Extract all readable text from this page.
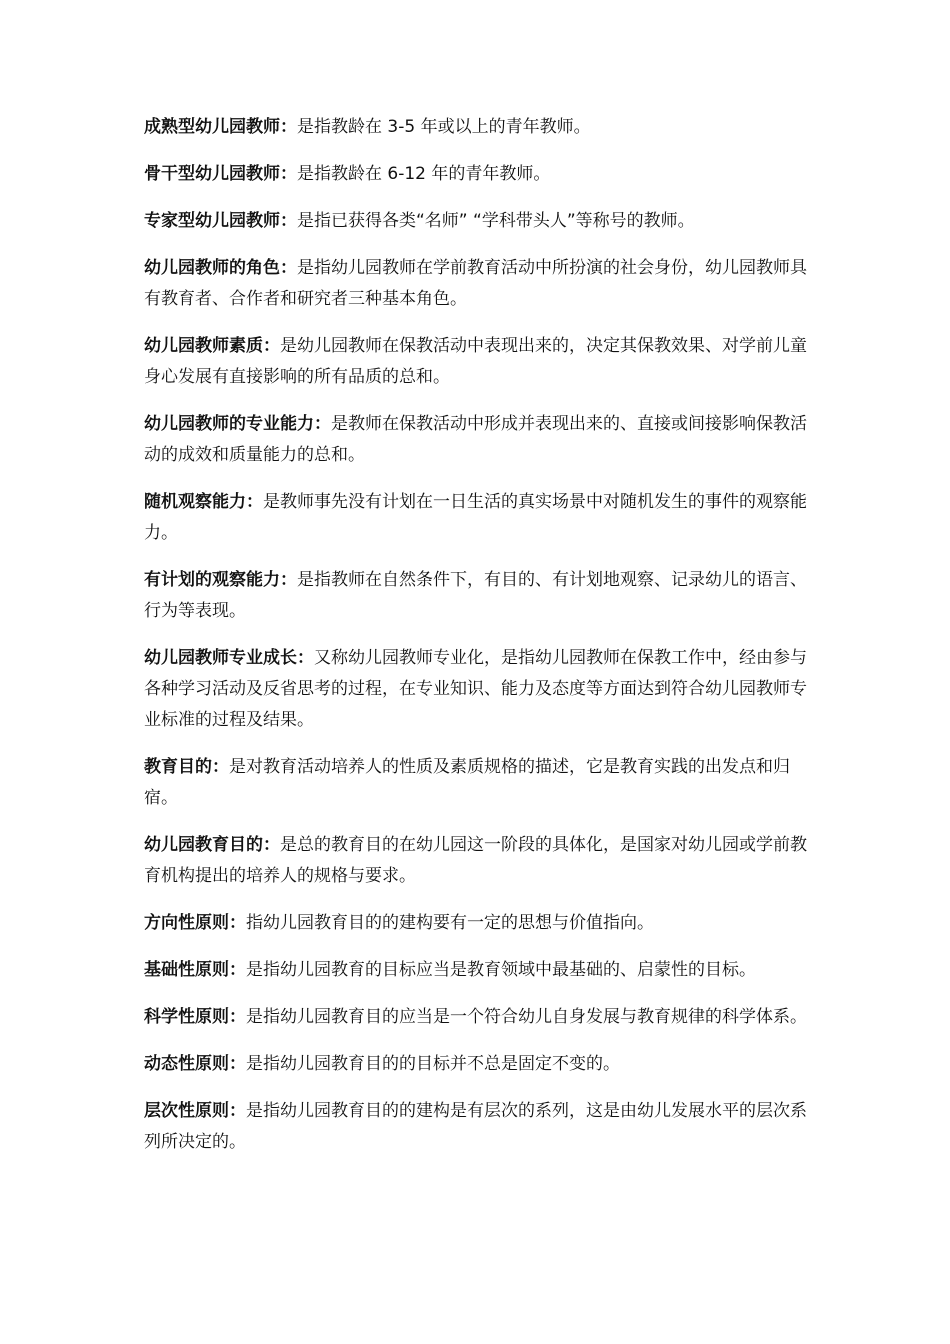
成熟型幼儿园教师：是指教龄在 3-5 年或以上的青年教师。

骨干型幼儿园教师：是指教龄在 6-12 年的青年教师。

专家型幼儿园教师：是指已获得各类“名师” “学科带头人”等称号的教师。

幼儿园教师的角色：是指幼儿园教师在学前教育活动中所扮演的社会身份，幼儿园教师具有教育者、合作者和研究者三种基本角色。

幼儿园教师素质：是幼儿园教师在保教活动中表现出来的，决定其保教效果、对学前儿童身心发展有直接影响的所有品质的总和。

幼儿园教师的专业能力：是教师在保教活动中形成并表现出来的、直接或间接影响保教活动的成效和质量能力的总和。

随机观察能力：是教师事先没有计划在一日生活的真实场景中对随机发生的事件的观察能力。

有计划的观察能力：是指教师在自然条件下，有目的、有计划地观察、记录幼儿的语言、行为等表现。

幼儿园教师专业成长：又称幼儿园教师专业化，是指幼儿园教师在保教工作中，经由参与各种学习活动及反省思考的过程，在专业知识、能力及态度等方面达到符合幼儿园教师专业标准的过程及结果。

教育目的：是对教育活动培养人的性质及素质规格的描述，它是教育实践的出发点和归宿。

幼儿园教育目的：是总的教育目的在幼儿园这一阶段的具体化，是国家对幼儿园或学前教育机构提出的培养人的规格与要求。

方向性原则：指幼儿园教育目的的建构要有一定的思想与价值指向。

基础性原则：是指幼儿园教育的目标应当是教育领域中最基础的、启蒙性的目标。

科学性原则：是指幼儿园教育目的应当是一个符合幼儿自身发展与教育规律的科学体系。

动态性原则：是指幼儿园教育目的的目标并不总是固定不变的。

层次性原则：是指幼儿园教育目的的建构是有层次的系列，这是由幼儿发展水平的层次系列所决定的。
